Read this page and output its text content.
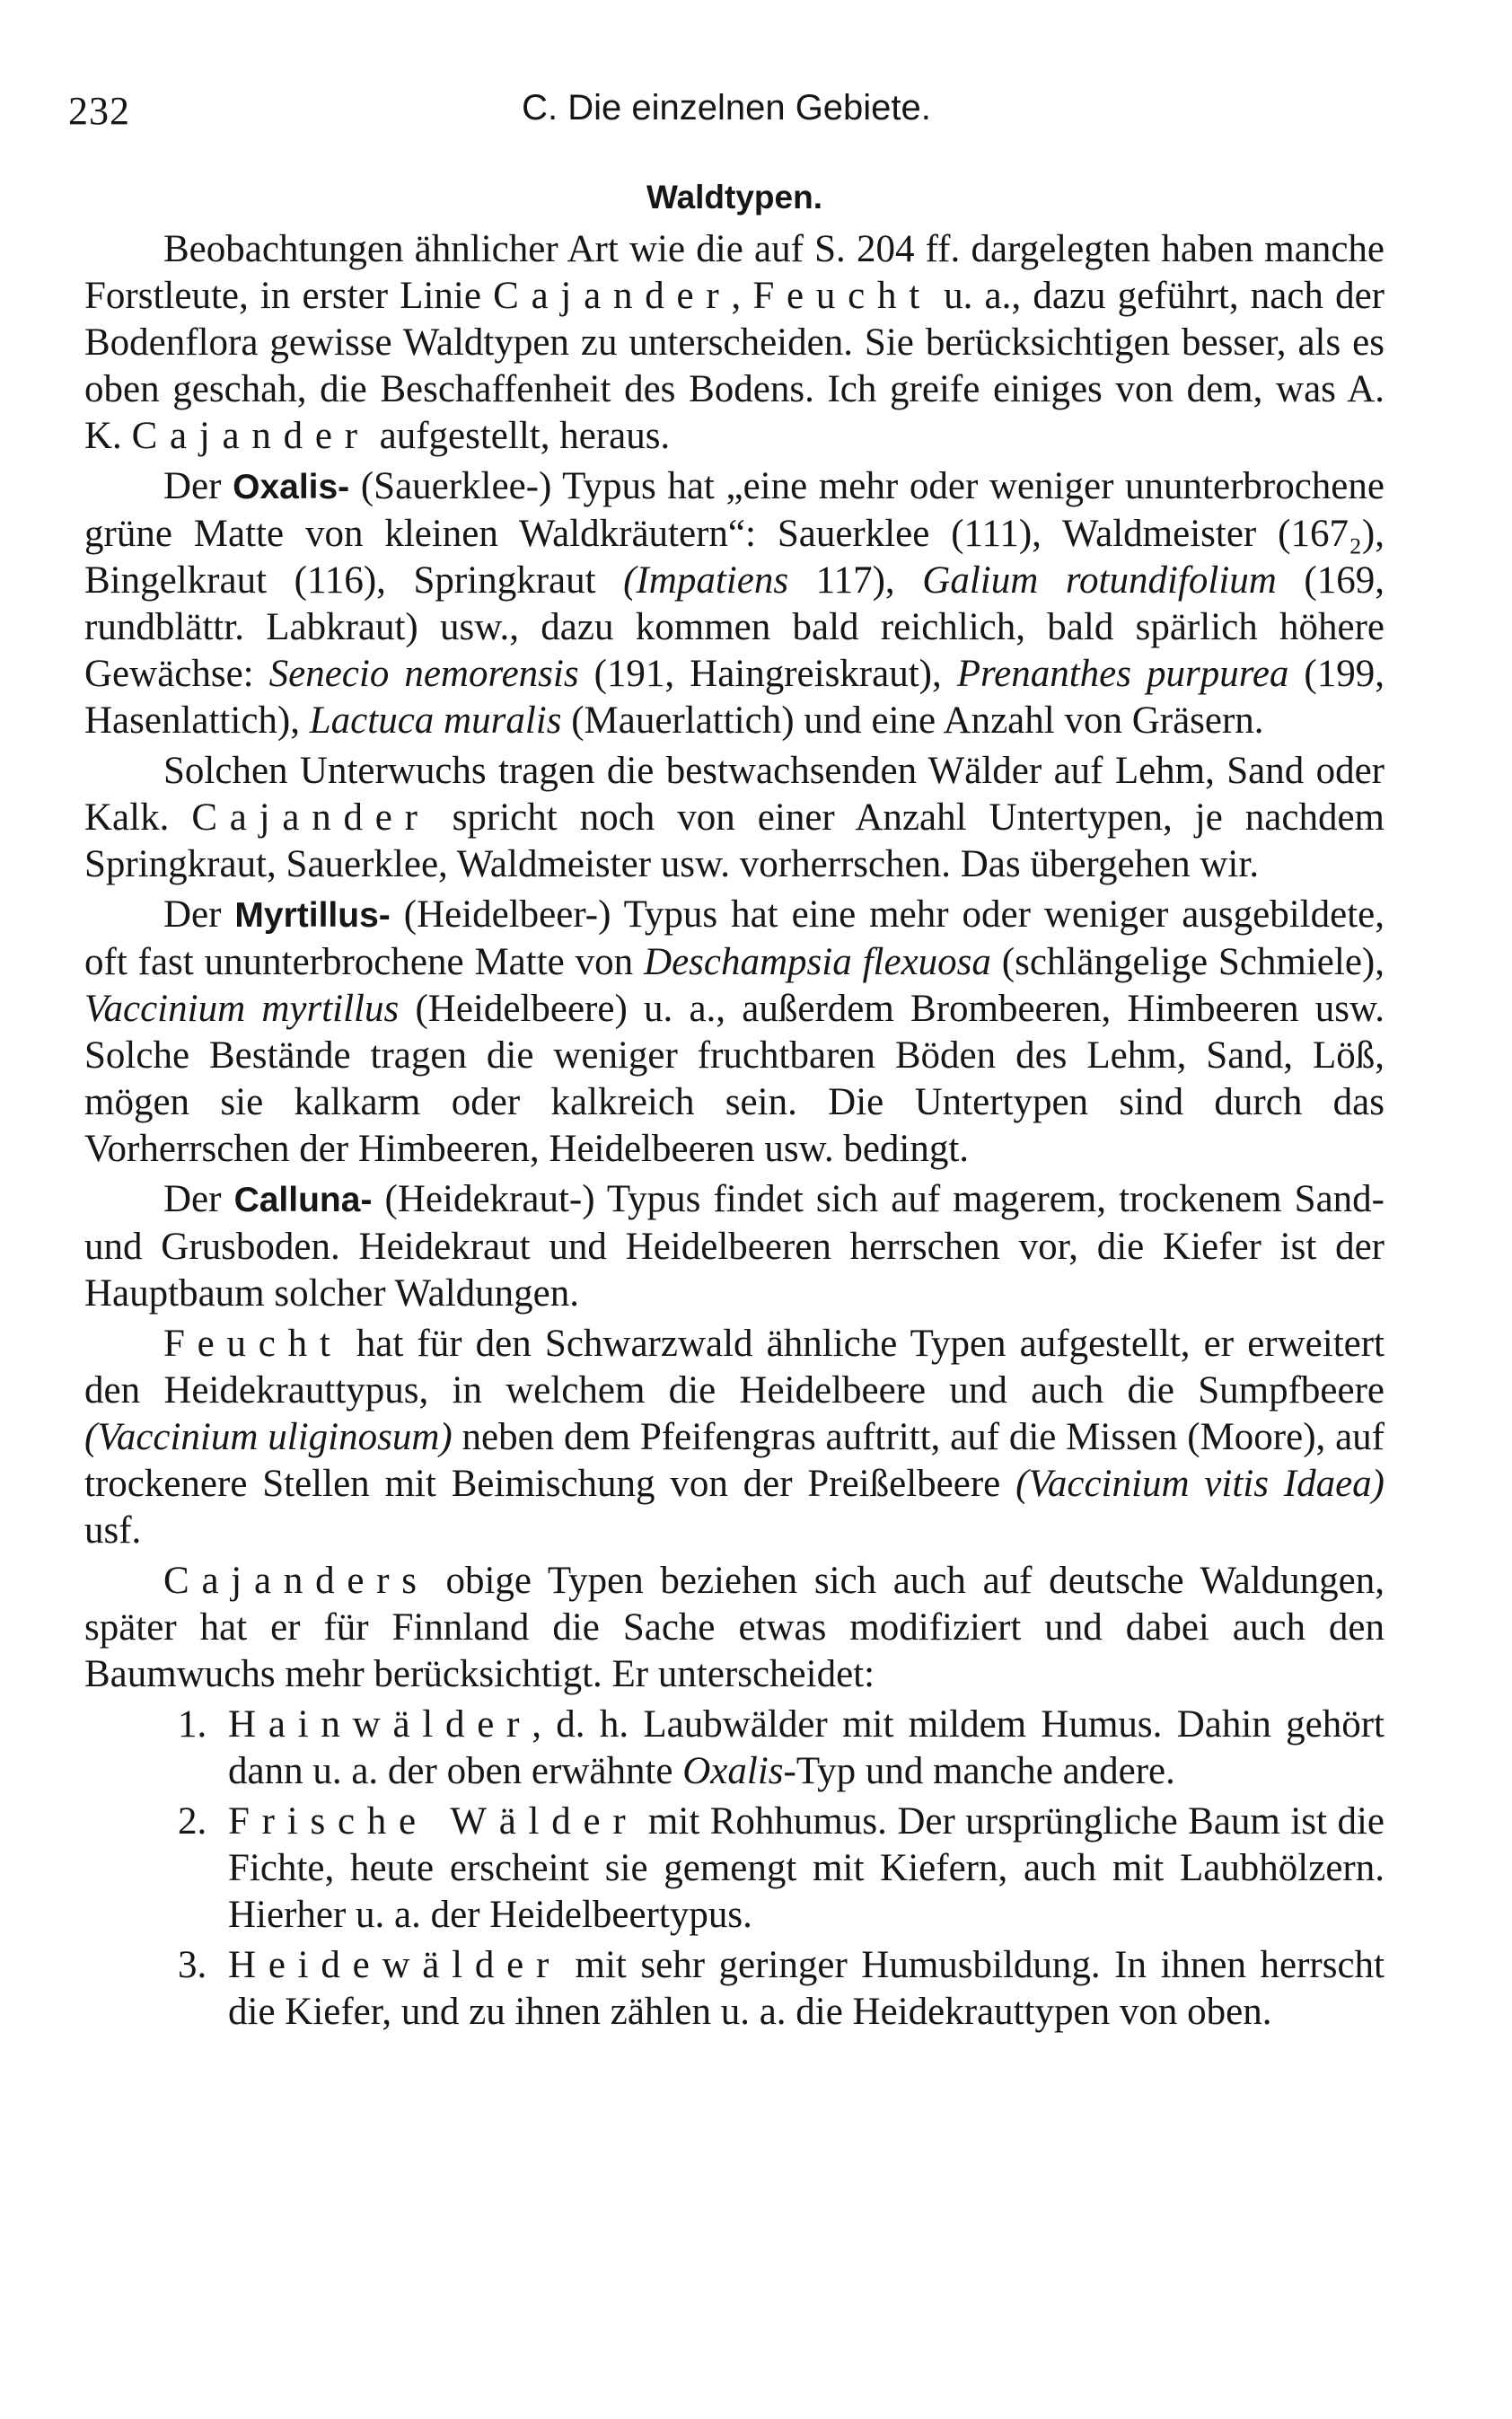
232	C. Die einzelnen Gebiete.
Waldtypen.

Beobachtungen ähnlicher Art wie die auf S. 204 ff. dargelegten haben manche Forstleute, in erster Linie Cajander, Feucht u. a., dazu geführt, nach der Bodenflora gewisse Waldtypen zu unterscheiden. Sie berücksichtigen besser, als es oben geschah, die Beschaffenheit des Bodens. Ich greife einiges von dem, was A. K. Cajander aufgestellt, heraus.

Der Oxalis- (Sauerklee-) Typus hat „eine mehr oder weniger ununterbrochene grüne Matte von kleinen Waldkräutern“: Sauerklee (111), Waldmeister (167₂), Bingelkraut (116), Springkraut (Impatiens 117), Galium rotundifolium (169, rundblättr. Labkraut) usw., dazu kommen bald reichlich, bald spärlich höhere Gewächse: Senecio nemorensis (191, Haingreiskraut), Prenanthes purpurea (199, Hasenlattich), Lactuca muralis (Mauerlattich) und eine Anzahl von Gräsern.

Solchen Unterwuchs tragen die bestwachsenden Wälder auf Lehm, Sand oder Kalk. Cajander spricht noch von einer Anzahl Untertypen, je nachdem Springkraut, Sauerklee, Waldmeister usw. vorherrschen. Das übergehen wir.

Der Myrtillus- (Heidelbeer-) Typus hat eine mehr oder weniger ausgebildete, oft fast ununterbrochene Matte von Deschampsia flexuosa (schlängelige Schmiele), Vaccinium myrtillus (Heidelbeere) u. a., außerdem Brombeeren, Himbeeren usw. Solche Bestände tragen die weniger fruchtbaren Böden des Lehm, Sand, Löß, mögen sie kalkarm oder kalkreich sein. Die Untertypen sind durch das Vorherrschen der Himbeeren, Heidelbeeren usw. bedingt.

Der Calluna- (Heidekraut-) Typus findet sich auf magerem, trockenem Sand- und Grusboden. Heidekraut und Heidelbeeren herrschen vor, die Kiefer ist der Hauptbaum solcher Waldungen.

Feucht hat für den Schwarzwald ähnliche Typen aufgestellt, er erweitert den Heidekrauttypus, in welchem die Heidelbeere und auch die Sumpfbeere (Vaccinium uliginosum) neben dem Pfeifengras auftritt, auf die Missen (Moore), auf trockenere Stellen mit Beimischung von der Preißelbeere (Vaccinium vitis Idaea) usf.

Cajanders obige Typen beziehen sich auch auf deutsche Waldungen, später hat er für Finnland die Sache etwas modifiziert und dabei auch den Baumwuchs mehr berücksichtigt. Er unterscheidet:

1. Hainwälder, d. h. Laubwälder mit mildem Humus. Dahin gehört dann u. a. der oben erwähnte Oxalis-Typ und manche andere.
2. Frische Wälder mit Rohhumus. Der ursprüngliche Baum ist die Fichte, heute erscheint sie gemengt mit Kiefern, auch mit Laubhölzern. Hierher u. a. der Heidelbeertypus.
3. Heidewälder mit sehr geringer Humusbildung. In ihnen herrscht die Kiefer, und zu ihnen zählen u. a. die Heidekrauttypen von oben.
